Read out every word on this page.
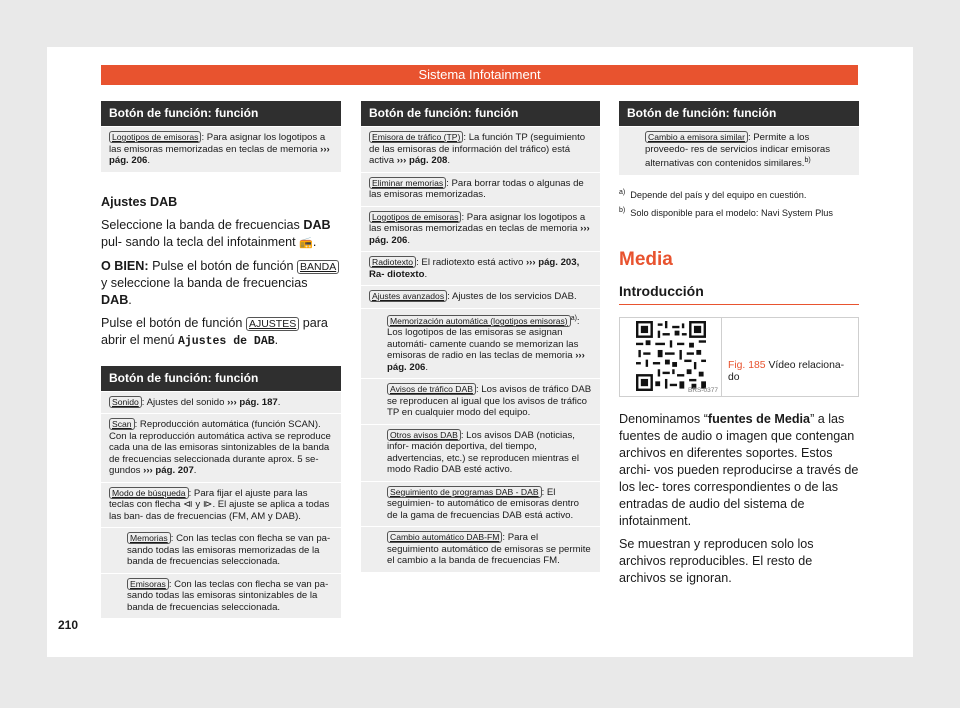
Sistema Infotainment
Botón de función: función
Logotipos de emisoras : Para asignar los logotipos a las emisoras memorizadas en teclas de memoria ››› pág. 206.

Ajustes DAB

Seleccione la banda de frecuencias DAB pul- sando la tecla del infotainment 📻.

O BIEN: Pulse el botón de función BANDA y seleccione la banda de frecuencias DAB.

Pulse el botón de función AJUSTES para abrir el menú Ajustes de DAB.

Botón de función: función
Sonido : Ajustes del sonido ››› pág. 187.
Scan : Reproducción automática (función SCAN). Con la reproducción automática activa se reproduce cada una de las emisoras sintonizables de la banda de frecuencias seleccionada durante aprox. 5 se- gundos ››› pág. 207.
Modo de búsqueda : Para fijar el ajuste para las teclas con flecha ⧏ y ⧐. El ajuste se aplica a todas las ban- das de frecuencias (FM, AM y DAB).
Memorias : Con las teclas con flecha se van pa- sando todas las emisoras memorizadas de la banda de frecuencias seleccionada.
Emisoras : Con las teclas con flecha se van pa- sando todas las emisoras sintonizables de la banda de frecuencias seleccionada.
Botón de función: función
Emisora de tráfico (TP) : La función TP (seguimiento de las emisoras de información del tráfico) está activa ››› pág. 208.
Eliminar memorias : Para borrar todas o algunas de las emisoras memorizadas.
Logotipos de emisoras : Para asignar los logotipos a las emisoras memorizadas en teclas de memoria ››› pág. 206.
Radiotexto : El radiotexto está activo ››› pág. 203, Ra- diotexto.
Ajustes avanzados : Ajustes de los servicios DAB.
Memorización automática (logotipos emisoras) $^{a)}$: Los logotipos de las emisoras se asignan automáti- camente cuando se memorizan las emisoras de radio en las teclas de memoria ››› pág. 206.
Avisos de tráfico DAB : Los avisos de tráfico DAB se reproducen al igual que los avisos de tráfico TP en cualquier modo del equipo.
Otros avisos DAB : Los avisos DAB (noticias, infor- mación deportiva, del tiempo, advertencias, etc.) se reproducen mientras el modo Radio DAB esté activo.
Seguimiento de programas DAB - DAB : El seguimien- to automático de emisoras dentro de la gama de frecuencias DAB está activo.
Cambio automático DAB-FM : Para el seguimiento automático de emisoras se permite el cambio a la banda de frecuencias FM.
Botón de función: función
Cambio a emisora similar : Permite a los proveedo- res de servicios indicar emisoras alternativas con contenidos similares.$^{b)}$

$^{a)}$ Depende del país y del equipo en cuestión.

$^{b)}$ Solo disponible para el modelo: Navi System Plus

Media

Introducción

BRS-0377
Fig. 185 Vídeo relaciona- do

Denominamos “fuentes de Media” a las fuentes de audio o imagen que contengan archivos en diferentes soportes. Estos archi- vos pueden reproducirse a través de los lec- tores correspondientes o de las entradas de audio del sistema de infotainment.

Se muestran y reproducen solo los archivos reproducibles. El resto de archivos se ignoran.

210
